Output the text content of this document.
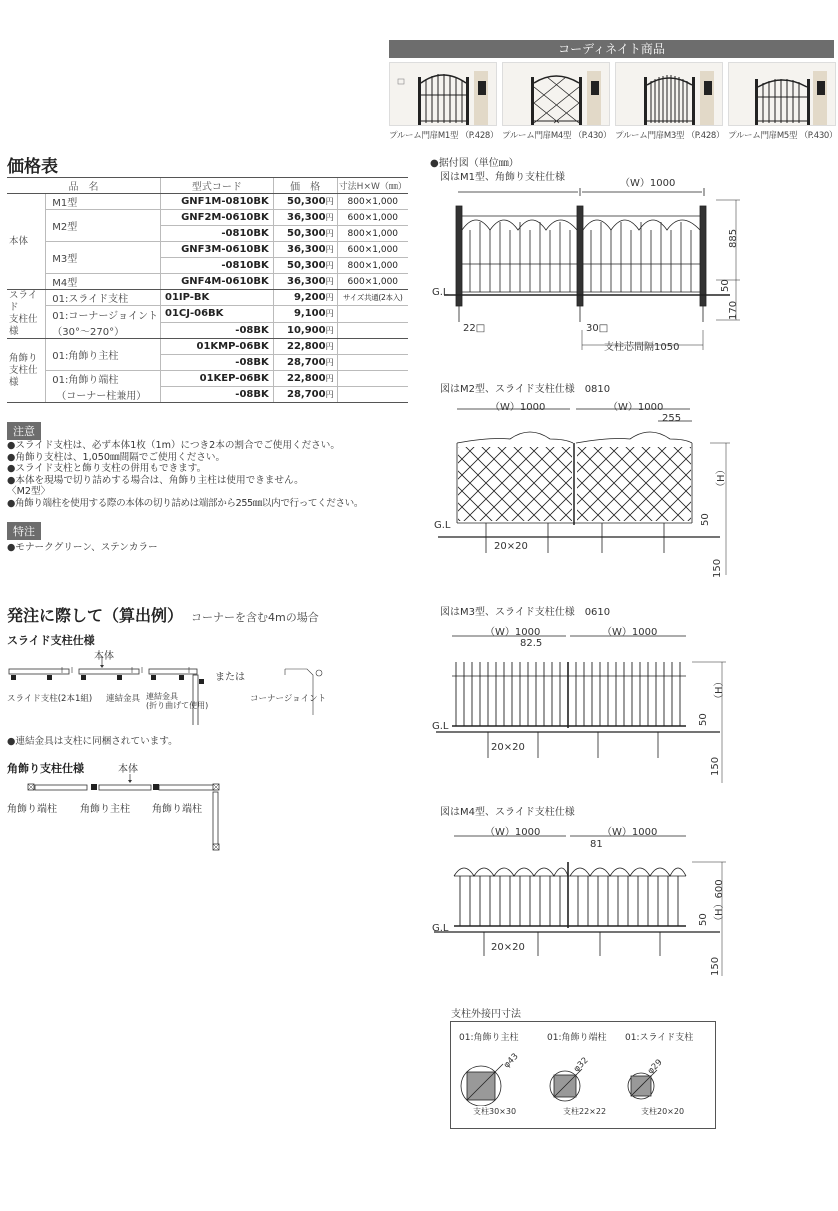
コーディネイト商品
プルーム門扉M1型 （P.428） プルーム門扉M4型 （P.430） プルーム門扉M3型 （P.428） プルーム門扉M5型 （P.430）
価格表
品　名		型式コード	価　格	寸法H×W（㎜）
本体	M1型	GNF1M-0810BK	50,300円	800×1,000
	M2型	GNF2M-0610BK	36,300円	600×1,000
		-0810BK	50,300円	800×1,000
	M3型	GNF3M-0610BK	36,300円	600×1,000
		-0810BK	50,300円	800×1,000
	M4型	GNF4M-0610BK	36,300円	600×1,000
スライド
支柱仕様	01:スライド支柱	01IP-BK	9,200円	サイズ共通(2本入)
	01:コーナージョイント	01CJ-06BK	9,100円	
	（30°～270°）	-08BK	10,900円	
角飾り
支柱仕様	01:角飾り主柱	01KMP-06BK	22,800円	
		-08BK	28,700円	
	01:角飾り端柱	01KEP-06BK	22,800円	
	（コーナー柱兼用）	-08BK	28,700円	
注意
●スライド支柱は、必ず本体1枚（1m）につき2本の割合でご使用ください。
●角飾り支柱は、1,050㎜間隔でご使用ください。
●スライド支柱と飾り支柱の併用もできます。
●本体を現場で切り詰めする場合は、角飾り主柱は使用できません。
〈M2型〉
●角飾り端柱を使用する際の本体の切り詰めは端部から255㎜以内で行ってください。
特注
●モナークグリーン、ステンカラー
発注に際して（算出例） コーナーを含む4mの場合
スライド支柱仕様
本体
または
スライド支柱(2本1組) 連結金具 連結金具
(折り曲げて使用)
コーナージョイント
●連結金具は支柱に同梱されています。
角飾り支柱仕様	本体
角飾り端柱 角飾り主柱 角飾り端柱
●据付図（単位㎜）
図はM1型、角飾り支柱仕様
（W）1000
885
50
170
G.L
22□	30□
支柱芯間隔1050
図はM2型、スライド支柱仕様　0810
（W）1000	（W）1000
255
（H）
50
150
G.L
20×20
図はM3型、スライド支柱仕様　0610
（W）1000	（W）1000
82.5
（H）
50
150
G.L
20×20
図はM4型、スライド支柱仕様
（W）1000	（W）1000
81
（H）600
50
150
G.L
20×20
支柱外接円寸法
01:角飾り主柱	01:角飾り端柱 01:スライド支柱
φ43	φ32	φ29
支柱30×30	支柱22×22	支柱20×20
